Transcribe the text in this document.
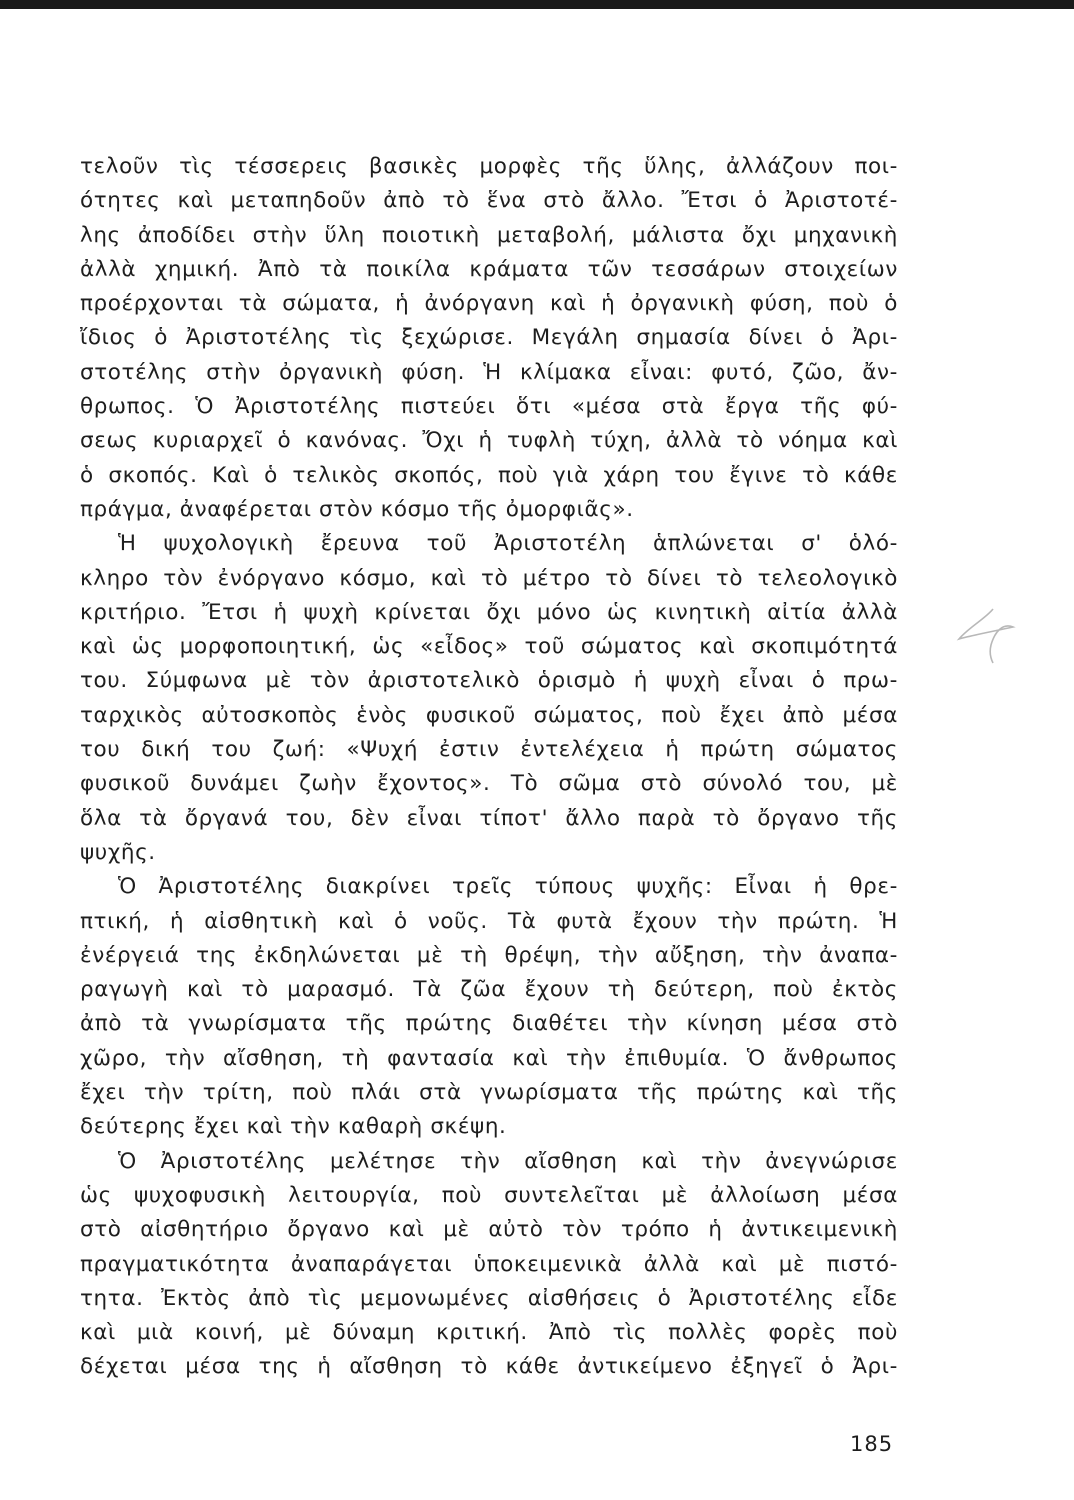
τελοῦν τὶς τέσσερεις βασικὲς μορφὲς τῆς ὕλης, ἀλλάζουν ποι-

ότητες καὶ μεταπηδοῦν ἀπὸ τὸ ἕνα στὸ ἄλλο. Ἔτσι ὁ Ἀριστοτέ-

λης ἀποδίδει στὴν ὕλη ποιοτικὴ μεταβολή, μάλιστα ὄχι μηχανικὴ

ἀλλὰ χημική. Ἀπὸ τὰ ποικίλα κράματα τῶν τεσσάρων στοιχείων

προέρχονται τὰ σώματα, ἡ ἀνόργανη καὶ ἡ ὀργανικὴ φύση, ποὺ ὁ

ἴδιος ὁ Ἀριστοτέλης τὶς ξεχώρισε. Μεγάλη σημασία δίνει ὁ Ἀρι-

στοτέλης στὴν ὀργανικὴ φύση. Ἡ κλίμακα εἶναι: φυτό, ζῶο, ἄν-

θρωπος. Ὁ Ἀριστοτέλης πιστεύει ὅτι «μέσα στὰ ἔργα τῆς φύ-

σεως κυριαρχεῖ ὁ κανόνας. Ὄχι ἡ τυφλὴ τύχη, ἀλλὰ τὸ νόημα καὶ

ὁ σκοπός. Καὶ ὁ τελικὸς σκοπός, ποὺ γιὰ χάρη του ἔγινε τὸ κάθε

πράγμα, ἀναφέρεται στὸν κόσμο τῆς ὀμορφιᾶς».

Ἡ ψυχολογικὴ ἔρευνα τοῦ Ἀριστοτέλη ἁπλώνεται σ' ὁλό-

κληρο τὸν ἐνόργανο κόσμο, καὶ τὸ μέτρο τὸ δίνει τὸ τελεολογικὸ

κριτήριο. Ἔτσι ἡ ψυχὴ κρίνεται ὄχι μόνο ὡς κινητικὴ αἰτία ἀλλὰ

καὶ ὡς μορφοποιητική, ὡς «εἶδος» τοῦ σώματος καὶ σκοπιμότητά

του. Σύμφωνα μὲ τὸν ἀριστοτελικὸ ὁρισμὸ ἡ ψυχὴ εἶναι ὁ πρω-

ταρχικὸς αὐτοσκοπὸς ἑνὸς φυσικοῦ σώματος, ποὺ ἔχει ἀπὸ μέσα

του δική του ζωή: «Ψυχή ἐστιν ἐντελέχεια ἡ πρώτη σώματος

φυσικοῦ δυνάμει ζωὴν ἔχοντος». Τὸ σῶμα στὸ σύνολό του, μὲ

ὅλα τὰ ὄργανά του, δὲν εἶναι τίποτ' ἄλλο παρὰ τὸ ὄργανο τῆς

ψυχῆς.

Ὁ Ἀριστοτέλης διακρίνει τρεῖς τύπους ψυχῆς: Εἶναι ἡ θρε-

πτική, ἡ αἰσθητικὴ καὶ ὁ νοῦς. Τὰ φυτὰ ἔχουν τὴν πρώτη. Ἡ

ἐνέργειά της ἐκδηλώνεται μὲ τὴ θρέψη, τὴν αὔξηση, τὴν ἀναπα-

ραγωγὴ καὶ τὸ μαρασμό. Τὰ ζῶα ἔχουν τὴ δεύτερη, ποὺ ἐκτὸς

ἀπὸ τὰ γνωρίσματα τῆς πρώτης διαθέτει τὴν κίνηση μέσα στὸ

χῶρο, τὴν αἴσθηση, τὴ φαντασία καὶ τὴν ἐπιθυμία. Ὁ ἄνθρωπος

ἔχει τὴν τρίτη, ποὺ πλάι στὰ γνωρίσματα τῆς πρώτης καὶ τῆς

δεύτερης ἔχει καὶ τὴν καθαρὴ σκέψη.

Ὁ Ἀριστοτέλης μελέτησε τὴν αἴσθηση καὶ τὴν ἀνεγνώρισε

ὡς ψυχοφυσικὴ λειτουργία, ποὺ συντελεῖται μὲ ἀλλοίωση μέσα

στὸ αἰσθητήριο ὄργανο καὶ μὲ αὐτὸ τὸν τρόπο ἡ ἀντικειμενικὴ

πραγματικότητα ἀναπαράγεται ὑποκειμενικὰ ἀλλὰ καὶ μὲ πιστό-

τητα. Ἐκτὸς ἀπὸ τὶς μεμονωμένες αἰσθήσεις ὁ Ἀριστοτέλης εἶδε

καὶ μιὰ κοινή, μὲ δύναμη κριτική. Ἀπὸ τὶς πολλὲς φορὲς ποὺ

δέχεται μέσα της ἡ αἴσθηση τὸ κάθε ἀντικείμενο ἐξηγεῖ ὁ Ἀρι-

185
